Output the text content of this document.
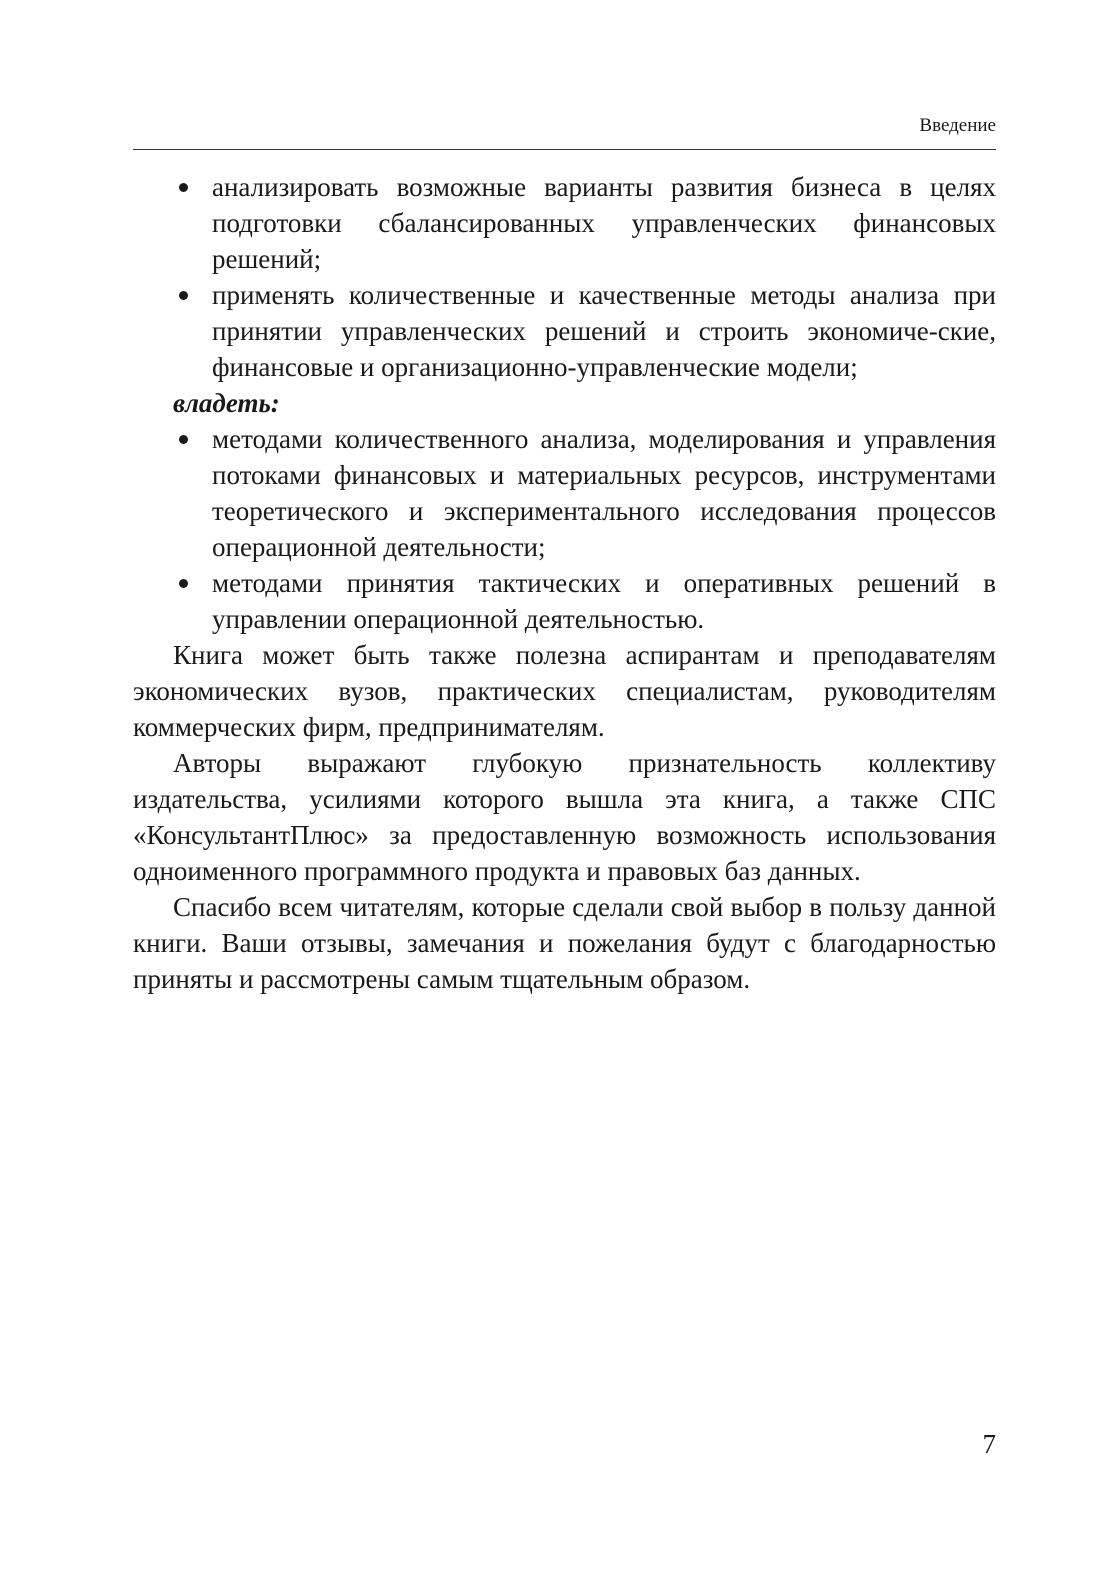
Введение
анализировать возможные варианты развития бизнеса в целях подготовки сбалансированных управленческих финансовых решений;
применять количественные и качественные методы анализа при принятии управленческих решений и строить экономиче-ские, финансовые и организационно-управленческие модели;
владеть:
методами количественного анализа, моделирования и управления потоками финансовых и материальных ресурсов, инструментами теоретического и экспериментального исследования процессов операционной деятельности;
методами принятия тактических и оперативных решений в управлении операционной деятельностью.

Книга может быть также полезна аспирантам и преподавателям экономических вузов, практических специалистам, руководителям коммерческих фирм, предпринимателям.

Авторы выражают глубокую признательность коллективу издательства, усилиями которого вышла эта книга, а также СПС «КонсультантПлюс» за предоставленную возможность использования одноименного программного продукта и правовых баз данных.

Спасибо всем читателям, которые сделали свой выбор в пользу данной книги. Ваши отзывы, замечания и пожелания будут с благодарностью приняты и рассмотрены самым тщательным образом.

7
